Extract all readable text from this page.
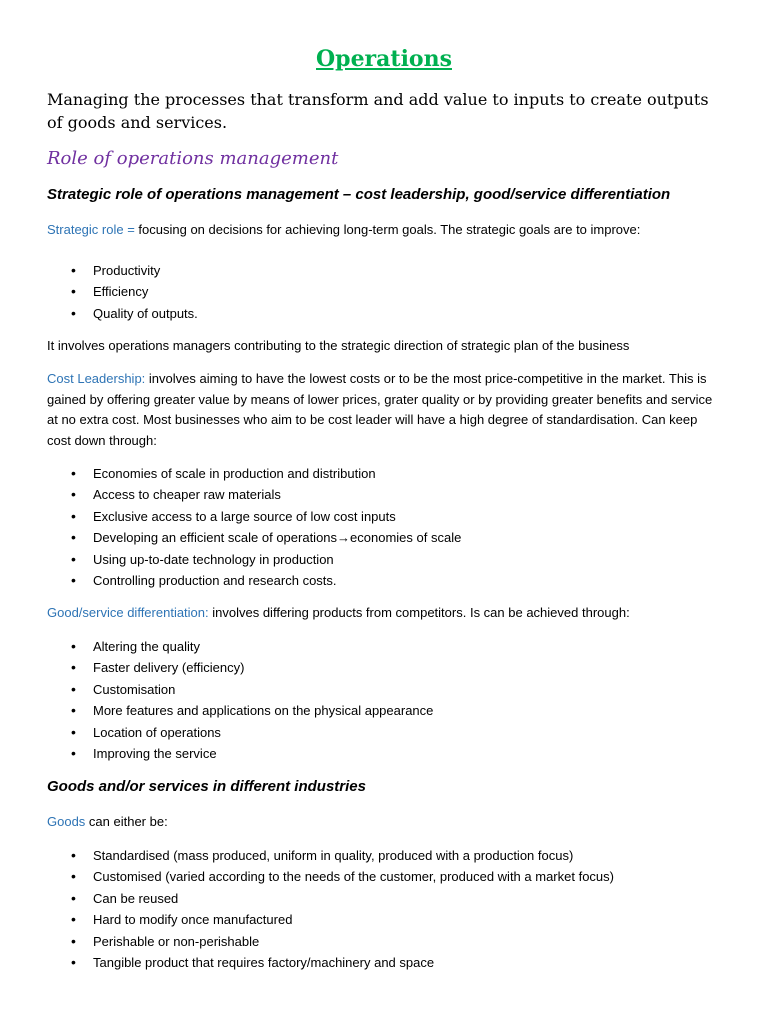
Operations

Managing the processes that transform and add value to inputs to create outputs of goods and services.

Role of operations management
Strategic role of operations management – cost leadership, good/service differentiation

Strategic role = focusing on decisions for achieving long-term goals. The strategic goals are to improve:

• Productivity
• Efficiency
• Quality of outputs.

It involves operations managers contributing to the strategic direction of strategic plan of the business

Cost Leadership: involves aiming to have the lowest costs or to be the most price-competitive in the market. This is gained by offering greater value by means of lower prices, grater quality or by providing greater benefits and service at no extra cost. Most businesses who aim to be cost leader will have a high degree of standardisation. Can keep cost down through:

• Economies of scale in production and distribution
• Access to cheaper raw materials
• Exclusive access to a large source of low cost inputs
• Developing an efficient scale of operations→economies of scale
• Using up-to-date technology in production
• Controlling production and research costs.

Good/service differentiation: involves differing products from competitors. Is can be achieved through:

• Altering the quality
• Faster delivery (efficiency)
• Customisation
• More features and applications on the physical appearance
• Location of operations
• Improving the service
Goods and/or services in different industries

Goods can either be:

• Standardised (mass produced, uniform in quality, produced with a production focus)
• Customised (varied according to the needs of the customer, produced with a market focus)
• Can be reused
• Hard to modify once manufactured
• Perishable or non-perishable
• Tangible product that requires factory/machinery and space
